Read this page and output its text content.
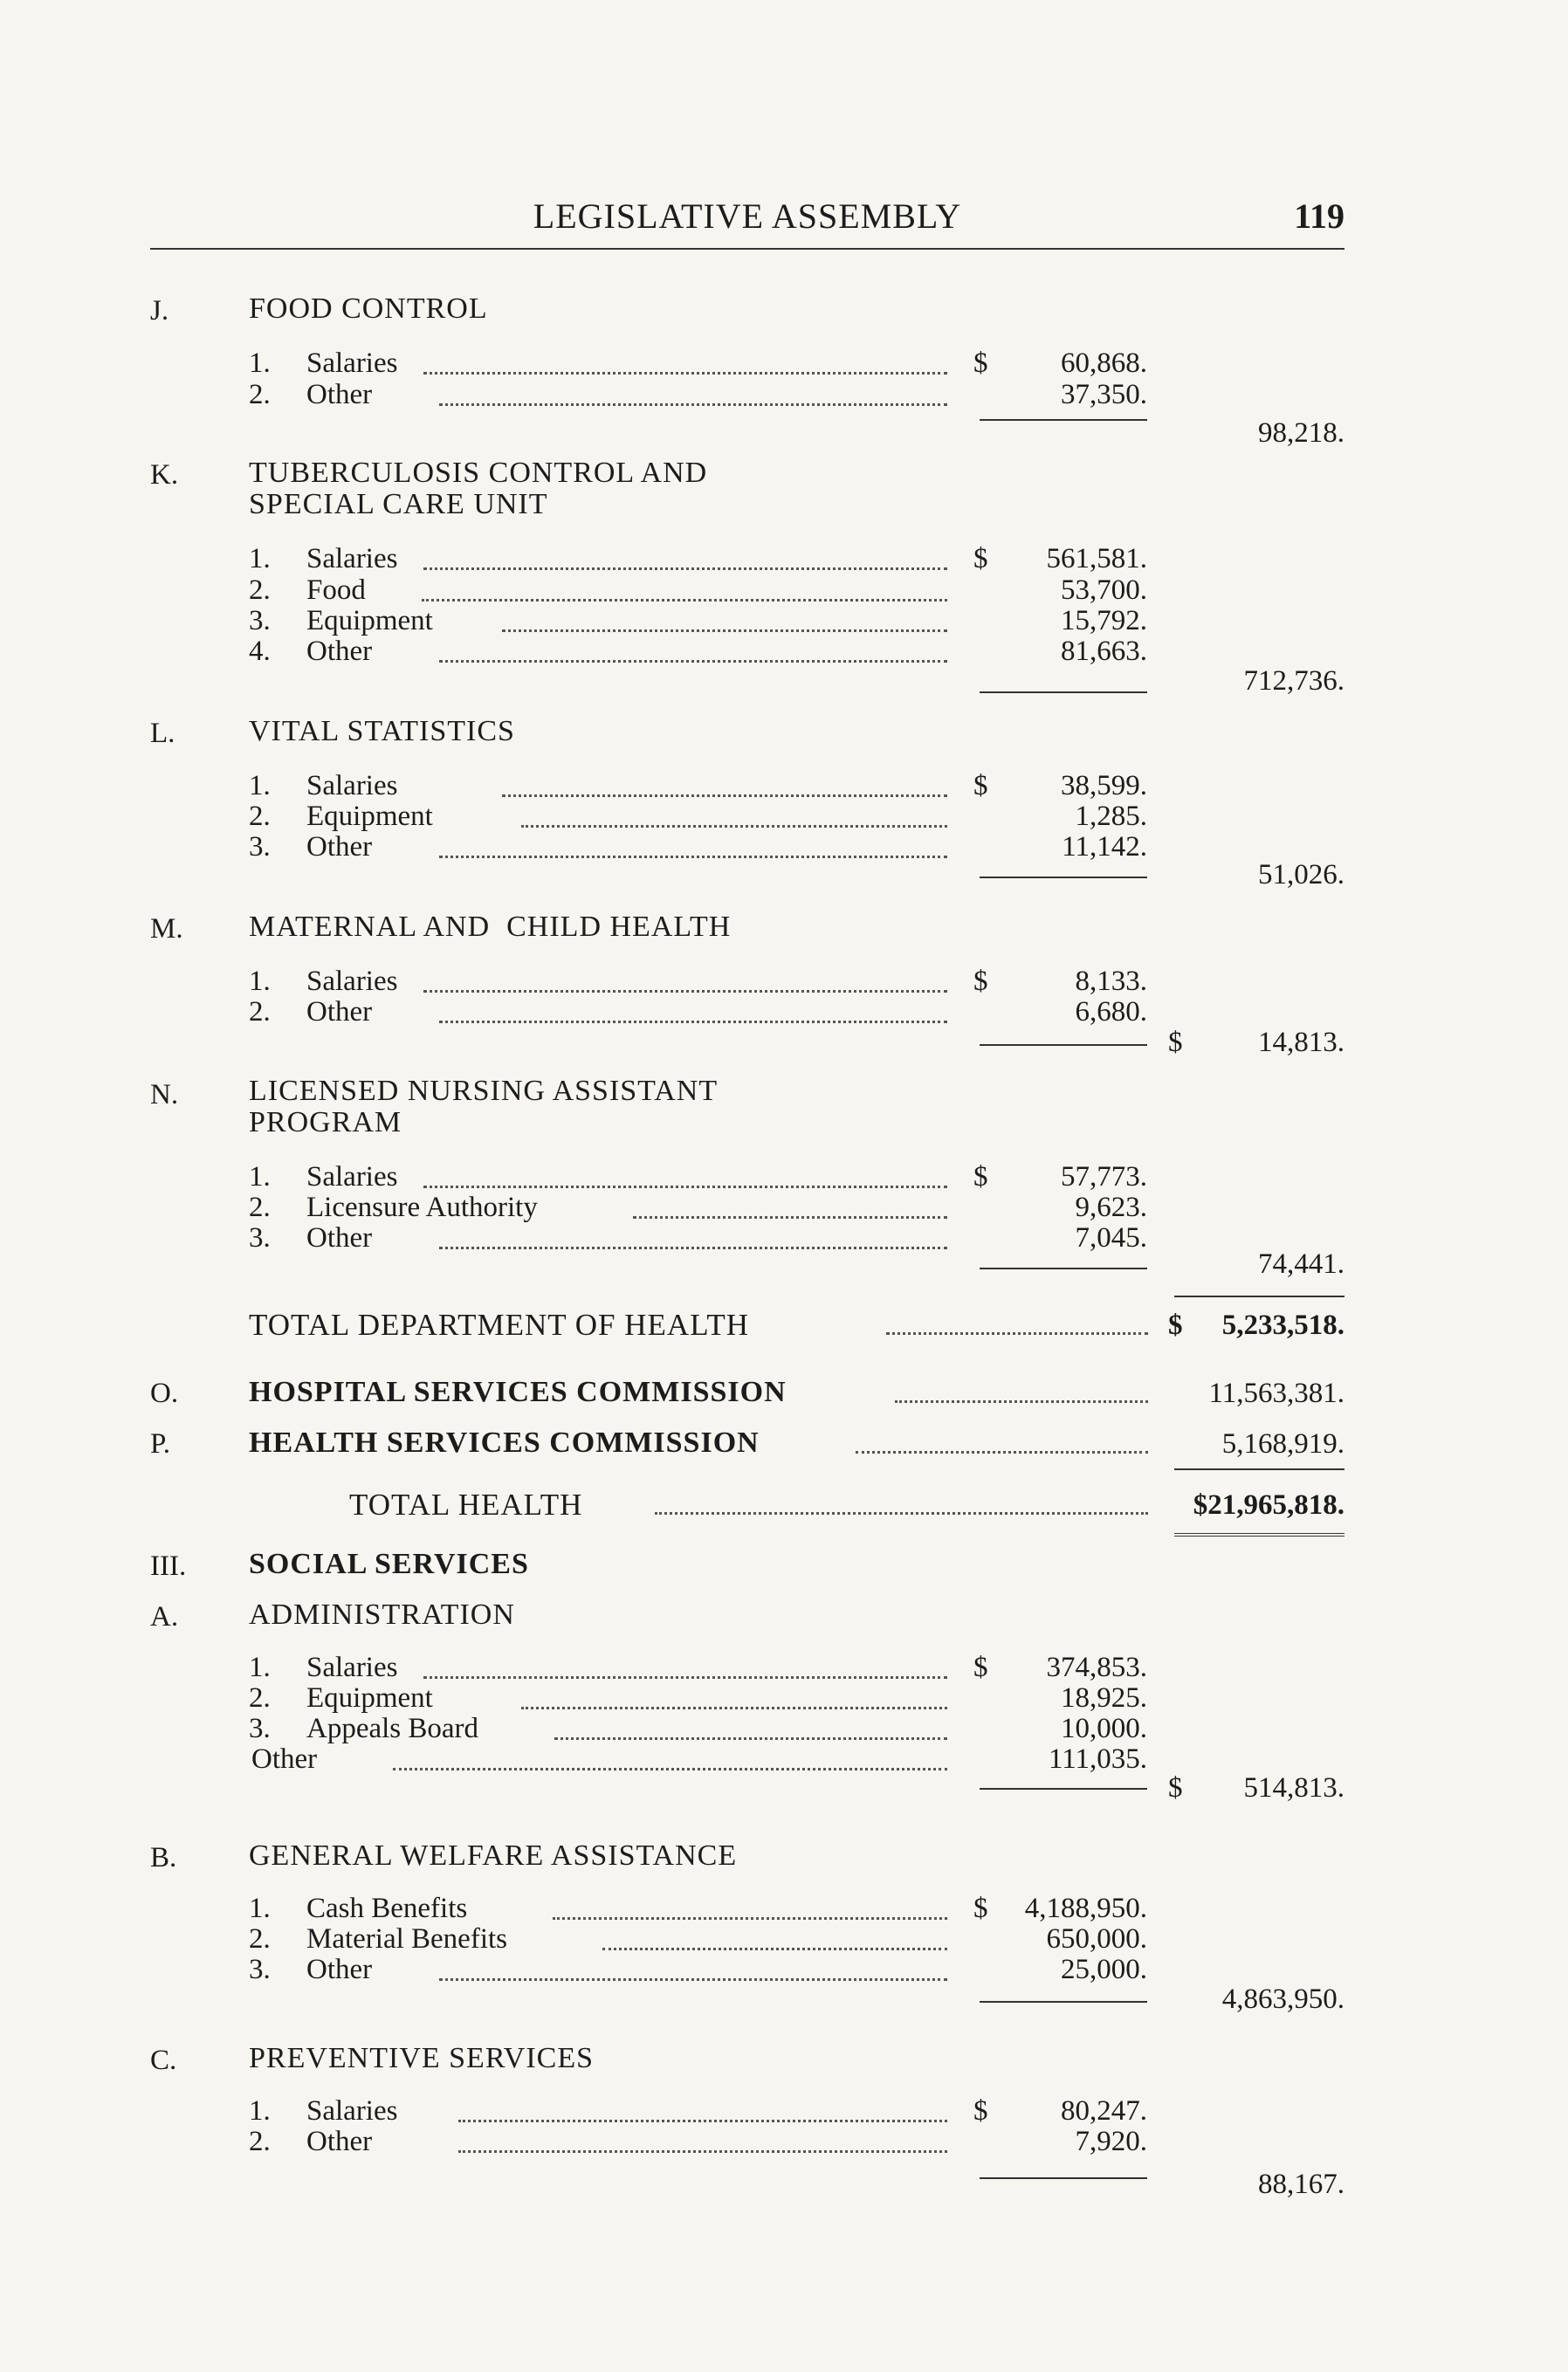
LEGISLATIVE ASSEMBLY	119
J.	FOOD CONTROL
1. Salaries	$	60,868.
2. Other	37,350.
98,218.
K. TUBERCULOSIS CONTROL AND
SPECIAL CARE UNIT
1. Salaries	$ 561,581.
2. Food	53,700.
3. Equipment	15,792.
4. Other	81,663.
712,736.
L. VITAL STATISTICS
1. Salaries	$	38,599.
2. Equipment	1,285.
3. Other	11,142.
51,026.
M. MATERNAL AND  CHILD HEALTH
1. Salaries	$	8,133.
2. Other	6,680.
$	14,813.
N. LICENSED NURSING ASSISTANT
PROGRAM
1. Salaries	$	57,773.
2. Licensure Authority	9,623.
3. Other	7,045.
74,441.
TOTAL DEPARTMENT OF HEALTH	$ 5,233,518.
O. HOSPITAL SERVICES COMMISSION	11,563,381.
P.	HEALTH SERVICES COMMISSION	5,168,919.
TOTAL HEALTH	$21,965,818.
III. SOCIAL SERVICES
A. ADMINISTRATION
1. Salaries	$ 374,853.
2. Equipment	18,925.
3. Appeals Board	10,000.
Other	111,035.
$ 514,813.
B. GENERAL WELFARE ASSISTANCE
1. Cash Benefits	$ 4,188,950.
2. Material Benefits	650,000.
3. Other	25,000.
4,863,950.
C. PREVENTIVE SERVICES
1. Salaries	$	80,247.
2. Other	7,920.
88,167.
